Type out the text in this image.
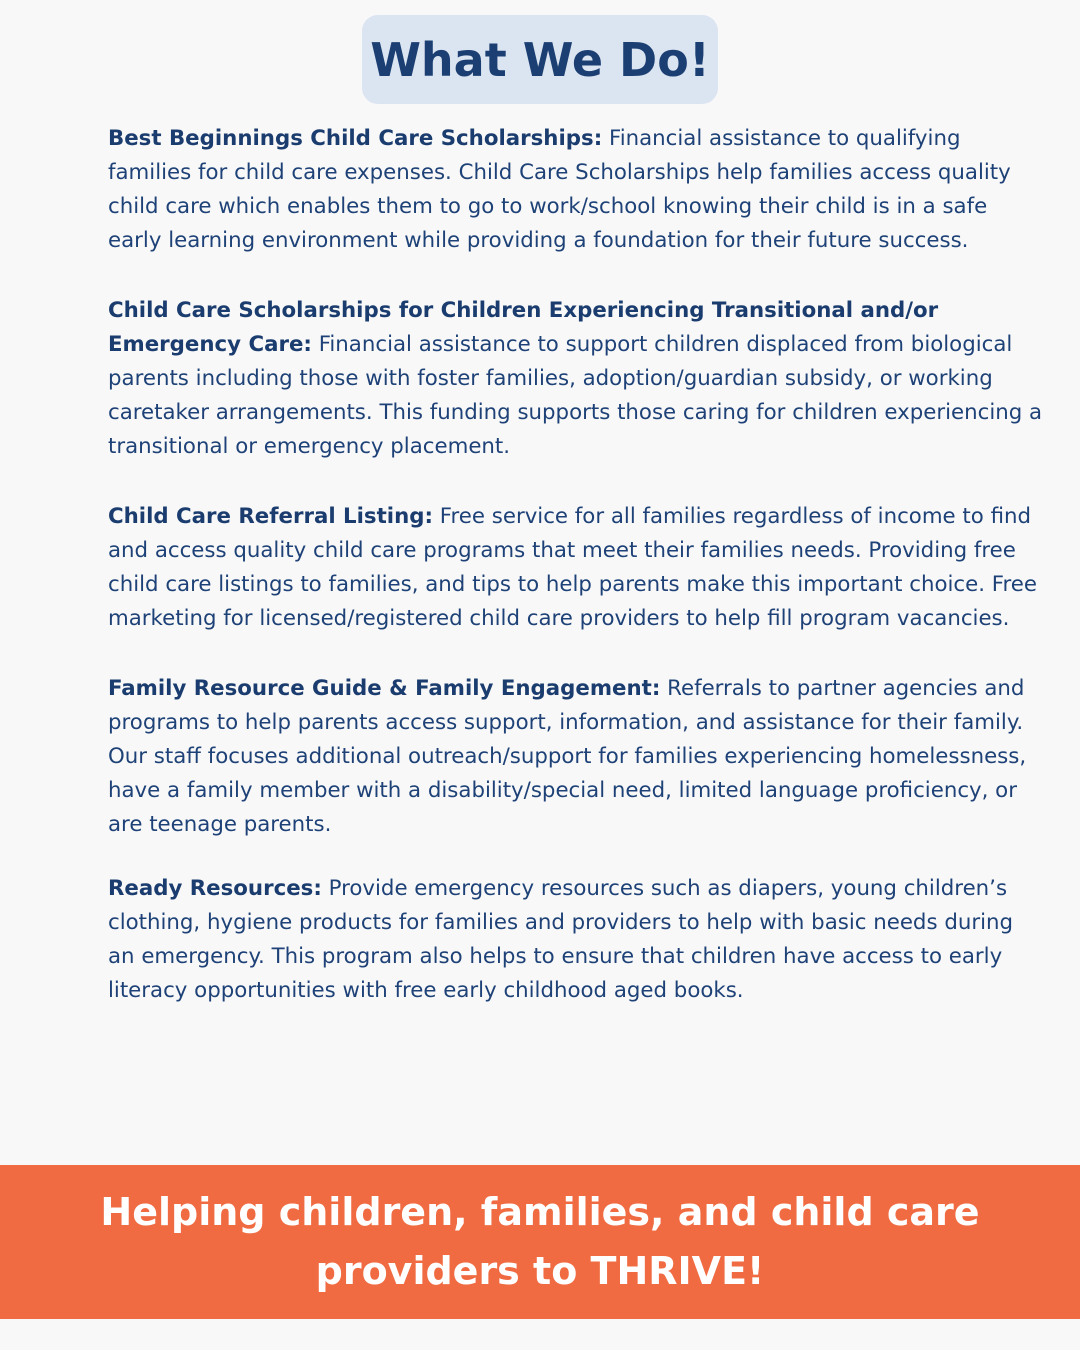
What We Do!

Best Beginnings Child Care Scholarships: Financial assistance to qualifying families for child care expenses. Child Care Scholarships help families access quality child care which enables them to go to work/school knowing their child is in a safe early learning environment while providing a foundation for their future success.

Child Care Scholarships for Children Experiencing Transitional and/or Emergency Care: Financial assistance to support children displaced from biological parents including those with foster families, adoption/guardian subsidy, or working caretaker arrangements. This funding supports those caring for children experiencing a transitional or emergency placement.

Child Care Referral Listing: Free service for all families regardless of income to find and access quality child care programs that meet their families needs. Providing free child care listings to families, and tips to help parents make this important choice. Free marketing for licensed/registered child care providers to help fill program vacancies.

Family Resource Guide & Family Engagement: Referrals to partner agencies and programs to help parents access support, information, and assistance for their family. Our staff focuses additional outreach/support for families experiencing homelessness, have a family member with a disability/special need, limited language proficiency, or are teenage parents.

Ready Resources: Provide emergency resources such as diapers, young children’s clothing, hygiene products for families and providers to help with basic needs during an emergency. This program also helps to ensure that children have access to early literacy opportunities with free early childhood aged books.

Helping children, families, and child care providers to THRIVE!
